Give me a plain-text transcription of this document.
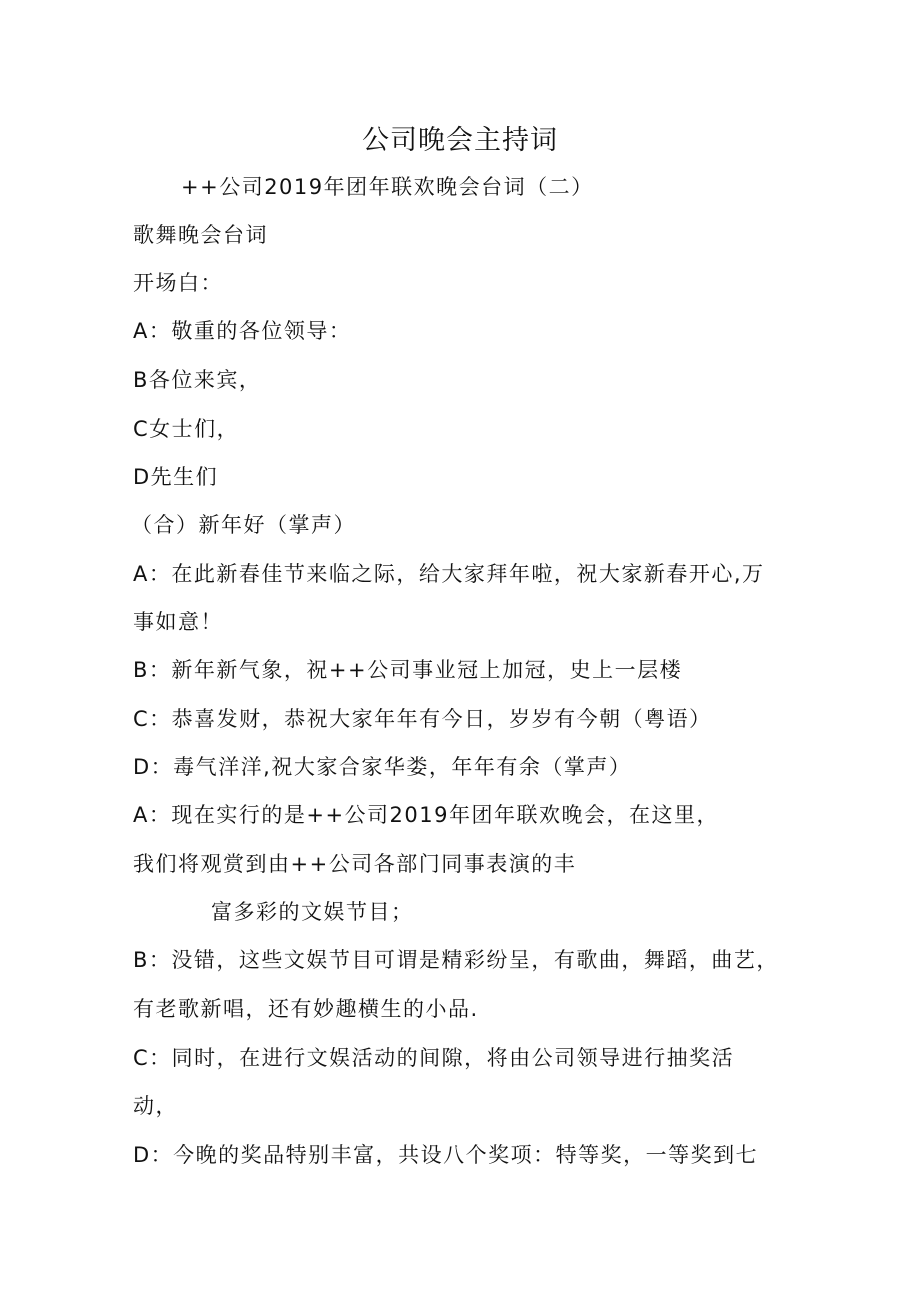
公司晚会主持词
++公司2019年团年联欢晚会台词（二）
歌舞晚会台词
开场白：
A：敬重的各位领导：
B各位来宾，
C女士们，
D先生们
（合）新年好（掌声）
A：在此新春佳节来临之际，给大家拜年啦，祝大家新春开心,万
事如意！
B：新年新气象，祝++公司事业冠上加冠，史上一层楼
C：恭喜发财，恭祝大家年年有今日，岁岁有今朝（粤语）
D：毒气洋洋,祝大家合家华娄，年年有余（掌声）
A：现在实行的是++公司2019年团年联欢晚会，在这里，
我们将观赏到由++公司各部门同事表演的丰
富多彩的文娱节目；
B：没错，这些文娱节目可谓是精彩纷呈，有歌曲，舞蹈，曲艺，
有老歌新唱，还有妙趣横生的小品.
C：同时，在进行文娱活动的间隙，将由公司领导进行抽奖活
动，
D：今晚的奖品特别丰富，共设八个奖项：特等奖，一等奖到七
